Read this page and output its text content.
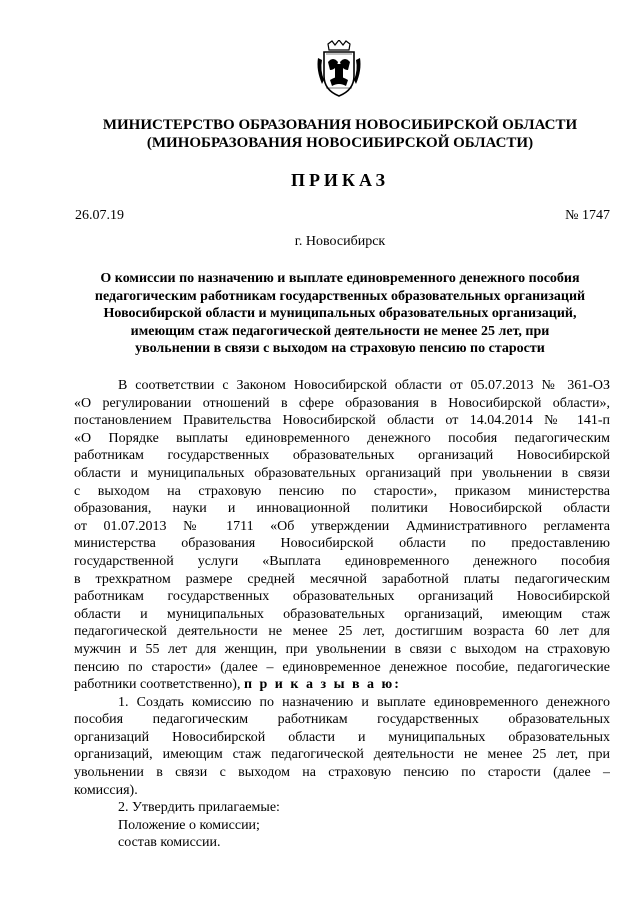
МИНИСТЕРСТВО ОБРАЗОВАНИЯ НОВОСИБИРСКОЙ ОБЛАСТИ
(МИНОБРАЗОВАНИЯ НОВОСИБИРСКОЙ ОБЛАСТИ)
ПРИКАЗ
26.07.19	№ 1747
г. Новосибирск
О комиссии по назначению и выплате единовременного денежного пособия
педагогическим работникам государственных образовательных организаций
Новосибирской области и муниципальных образовательных организаций,
имеющим стаж педагогической деятельности не менее 25 лет, при
увольнении в связи с выходом на страховую пенсию по старости
В соответствии с Законом Новосибирской области от 05.07.2013 № 361-ОЗ
«О регулировании отношений в сфере образования в Новосибирской области»,
постановлением Правительства Новосибирской области от 14.04.2014 № 141-п
«О Порядке выплаты единовременного денежного пособия педагогическим
работникам государственных образовательных организаций Новосибирской
области и муниципальных образовательных организаций при увольнении в связи
с выходом на страховую пенсию по старости», приказом министерства
образования, науки и инновационной политики Новосибирской области
от 01.07.2013 № 1711 «Об утверждении Административного регламента
министерства образования Новосибирской области по предоставлению
государственной услуги «Выплата единовременного денежного пособия
в трехкратном размере средней месячной заработной платы педагогическим
работникам государственных образовательных организаций Новосибирской
области и муниципальных образовательных организаций, имеющим стаж
педагогической деятельности не менее 25 лет, достигшим возраста 60 лет для
мужчин и 55 лет для женщин, при увольнении в связи с выходом на страховую
пенсию по старости» (далее – единовременное денежное пособие, педагогические
работники соответственно), п р и к а з ы в а ю:
1. Создать комиссию по назначению и выплате единовременного денежного
пособия педагогическим работникам государственных образовательных
организаций Новосибирской области и муниципальных образовательных
организаций, имеющим стаж педагогической деятельности не менее 25 лет, при
увольнении в связи с выходом на страховую пенсию по старости (далее –
комиссия).
2. Утвердить прилагаемые:
Положение о комиссии;
состав комиссии.
